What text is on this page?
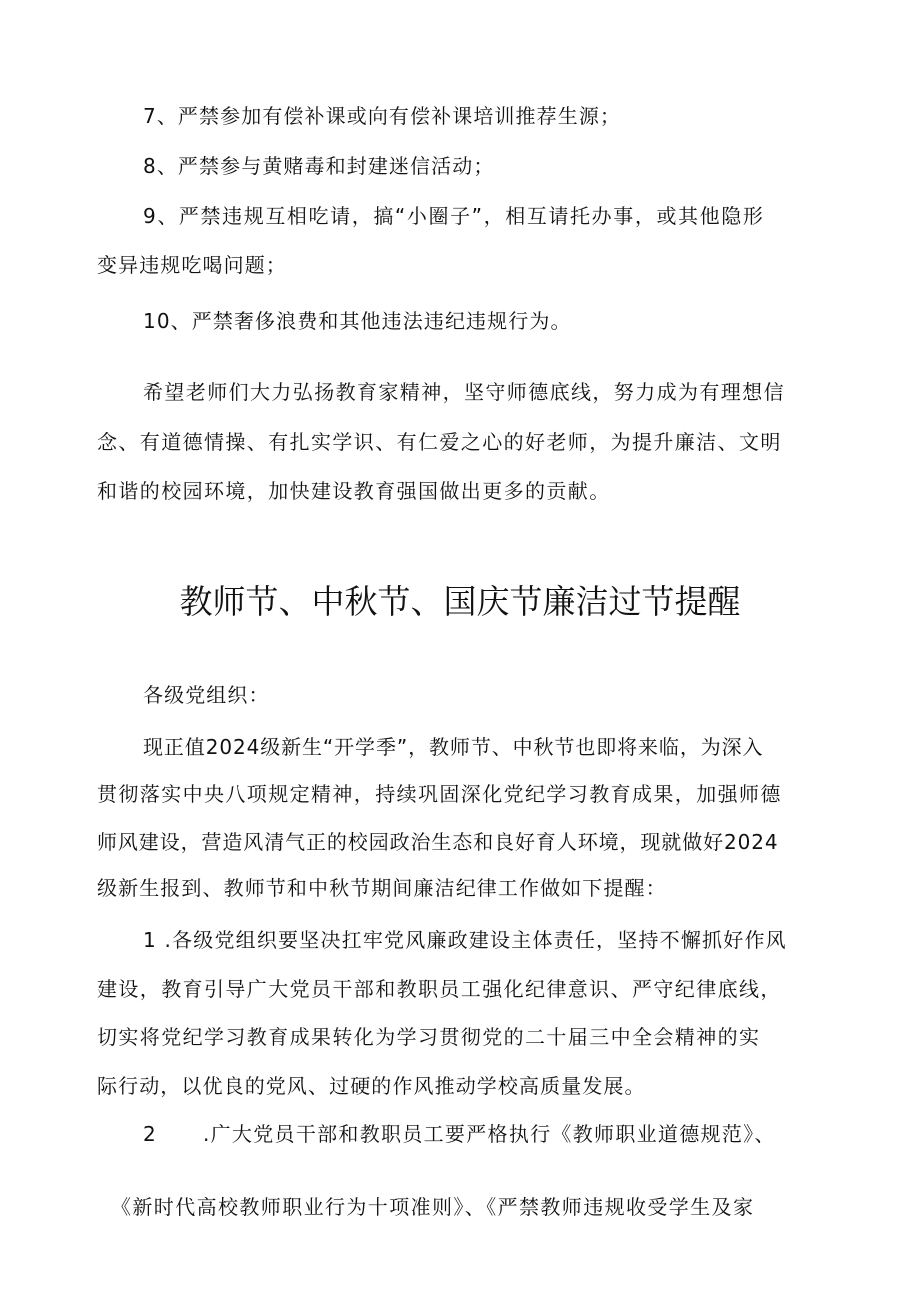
7、严禁参加有偿补课或向有偿补课培训推荐生源；
8、严禁参与黄赌毒和封建迷信活动；
9、严禁违规互相吃请，搞“小圈子”，相互请托办事，或其他隐形
变异违规吃喝问题；
10、严禁奢侈浪费和其他违法违纪违规行为。
希望老师们大力弘扬教育家精神，坚守师德底线，努力成为有理想信
念、有道德情操、有扎实学识、有仁爱之心的好老师，为提升廉洁、文明
和谐的校园环境，加快建设教育强国做出更多的贡献。
教师节、中秋节、国庆节廉洁过节提醒
各级党组织：
现正值2024级新生“开学季”，教师节、中秋节也即将来临，为深入
贯彻落实中央八项规定精神，持续巩固深化党纪学习教育成果，加强师德
师风建设，营造风清气正的校园政治生态和良好育人环境，现就做好2024
级新生报到、教师节和中秋节期间廉洁纪律工作做如下提醒：
1 .各级党组织要坚决扛牢党风廉政建设主体责任，坚持不懈抓好作风
建设，教育引导广大党员干部和教职员工强化纪律意识、严守纪律底线，
切实将党纪学习教育成果转化为学习贯彻党的二十届三中全会精神的实
际行动，以优良的党风、过硬的作风推动学校高质量发展。
2      .广大党员干部和教职员工要严格执行《教师职业道德规范》、
《新时代高校教师职业行为十项准则》、《严禁教师违规收受学生及家
